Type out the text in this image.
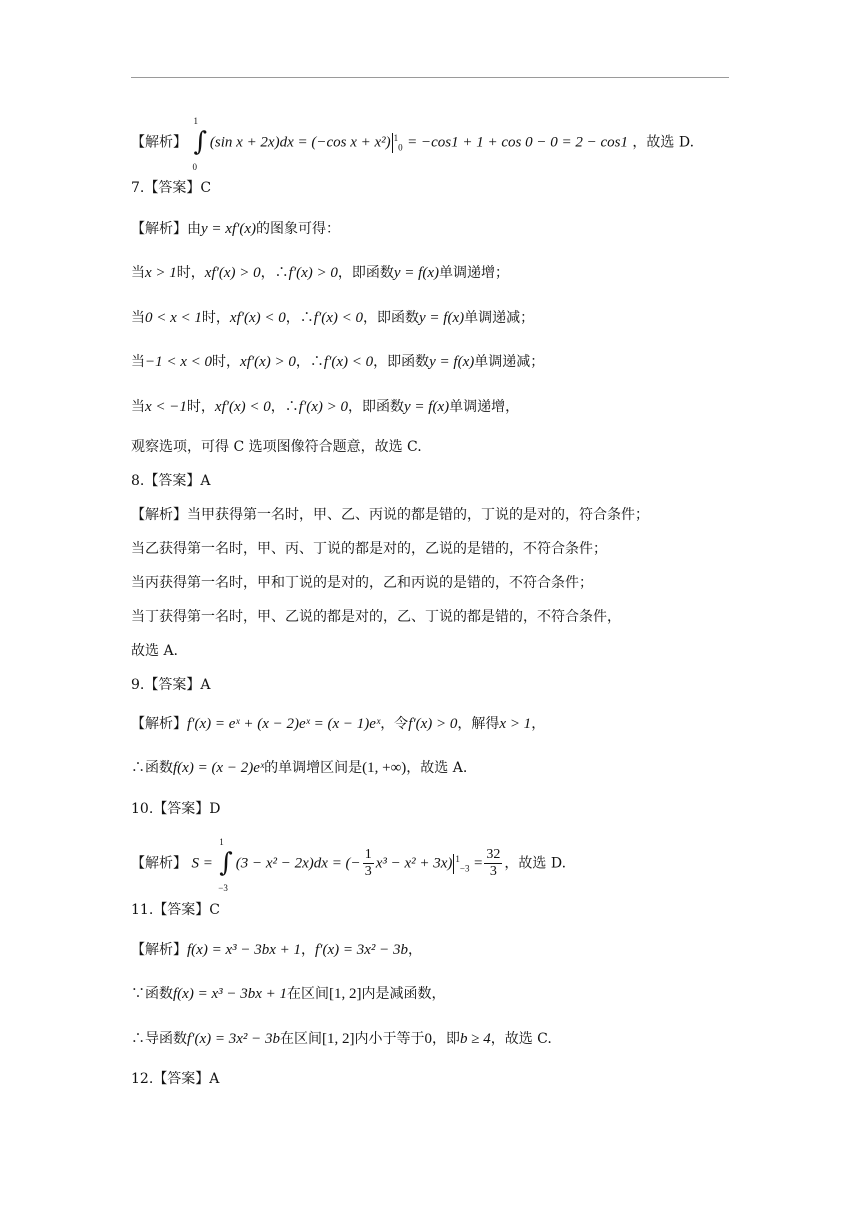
【解析】
1
∫
0
(sin x + 2x)dx = (−cos x + x²) $^1_0$ = −cos1 + 1 + cos 0 − 0 = 2 − cos1 ，故选 D.
7.【答案】C
【解析】由y = xf′(x)的图象可得：
当x > 1时，xf′(x) > 0，∴f′(x) > 0，即函数y = f(x)单调递增；
当0 < x < 1时，xf′(x) < 0，∴f′(x) < 0，即函数y = f(x)单调递减；
当−1 < x < 0时，xf′(x) > 0，∴f′(x) < 0，即函数y = f(x)单调递减；
当x < −1时，xf′(x) < 0，∴f′(x) > 0，即函数y = f(x)单调递增，
观察选项，可得 C 选项图像符合题意，故选 C.
8.【答案】A
【解析】当甲获得第一名时，甲、乙、丙说的都是错的，丁说的是对的，符合条件；
当乙获得第一名时，甲、丙、丁说的都是对的，乙说的是错的，不符合条件；
当丙获得第一名时，甲和丁说的是对的，乙和丙说的是错的，不符合条件；
当丁获得第一名时，甲、乙说的都是对的，乙、丁说的都是错的，不符合条件，
故选 A.
9.【答案】A
【解析】f′(x) = eˣ + (x − 2)eˣ = (x − 1)eˣ，令f′(x) > 0，解得x > 1，
∴函数f(x) = (x − 2)eˣ的单调增区间是(1, +∞)，故选 A.
10.【答案】D
【解析】 S =
1
∫
−3
(3 − x² − 2x)dx = (− $\frac{1}{3} x^3 - x^2 + 3x$) $^1_{-3} = \frac{32}{3}$ ，故选 D.
11.【答案】C
【解析】f(x) = x³ − 3bx + 1，f′(x) = 3x² − 3b，
∵函数f(x) = x³ − 3bx + 1在区间[1, 2]内是减函数，
∴导函数f′(x) = 3x² − 3b在区间[1, 2]内小于等于0，即b ≥ 4，故选 C.
12.【答案】A
